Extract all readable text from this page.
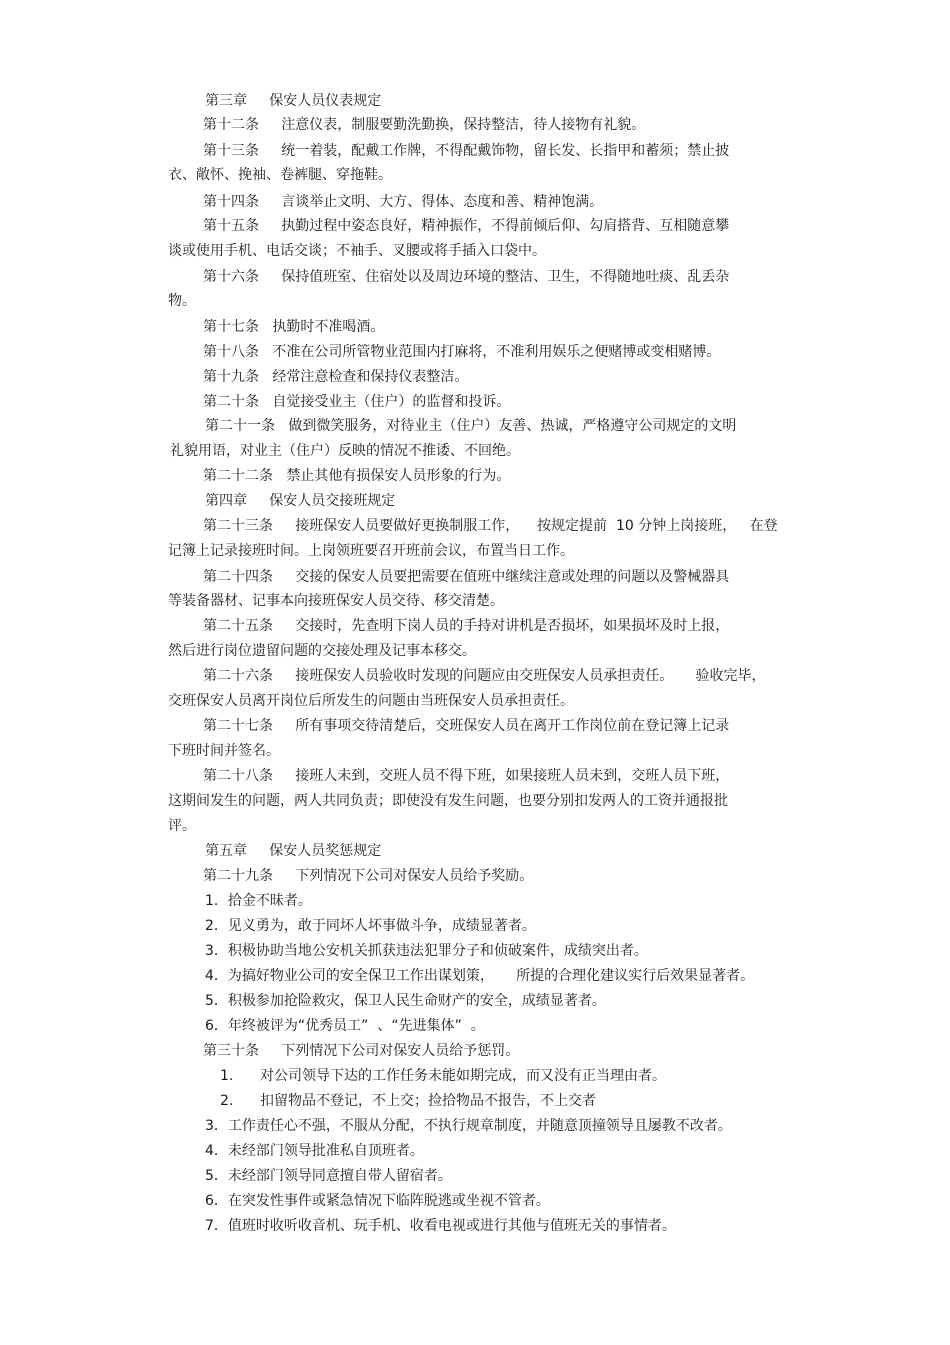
第三章     保安人员仪表规定
第十二条     注意仪表，制服要勤洗勤换，保持整洁，待人接物有礼貌。
第十三条     统一着装，配戴工作牌，不得配戴饰物，留长发、长指甲和蓄须；禁止披
衣、敞怀、挽袖、卷裤腿、穿拖鞋。
第十四条     言谈举止文明、大方、得体、态度和善、精神饱满。
第十五条     执勤过程中姿态良好，精神振作，不得前倾后仰、勾肩搭背、互相随意攀
谈或使用手机、电话交谈；不袖手、叉腰或将手插入口袋中。
第十六条     保持值班室、住宿处以及周边环境的整洁、卫生，不得随地吐痰、乱丢杂
物。
第十七条   执勤时不准喝酒。
第十八条   不准在公司所管物业范围内打麻将，不准利用娱乐之便赌博或变相赌博。
第十九条   经常注意检查和保持仪表整洁。
第二十条   自觉接受业主（住户）的监督和投诉。
第二十一条   做到微笑服务，对待业主（住户）友善、热诚，严格遵守公司规定的文明
礼貌用语，对业主（住户）反映的情况不推诿、不回绝。
第二十二条   禁止其他有损保安人员形象的行为。
第四章     保安人员交接班规定
第二十三条     接班保安人员要做好更换制服工作，    按规定提前  10 分钟上岗接班，   在登
记簿上记录接班时间。上岗领班要召开班前会议，布置当日工作。
第二十四条     交接的保安人员要把需要在值班中继续注意或处理的问题以及警械器具
等装备器材、记事本向接班保安人员交待、移交清楚。
第二十五条     交接时，先查明下岗人员的手持对讲机是否损坏，如果损坏及时上报，
然后进行岗位遗留问题的交接处理及记事本移交。
第二十六条     接班保安人员验收时发现的问题应由交班保安人员承担责任。     验收完毕，
交班保安人员离开岗位后所发生的问题由当班保安人员承担责任。
第二十七条     所有事项交待清楚后，交班保安人员在离开工作岗位前在登记簿上记录
下班时间并签名。
第二十八条     接班人未到，交班人员不得下班，如果接班人员未到，交班人员下班，
这期间发生的问题，两人共同负责；即使没有发生问题，也要分别扣发两人的工资并通报批
评。
第五章     保安人员奖惩规定
第二十九条     下列情况下公司对保安人员给予奖励。
1．拾金不昧者。
2．见义勇为，敢于同坏人坏事做斗争，成绩显著者。
3．积极协助当地公安机关抓获违法犯罪分子和侦破案件，成绩突出者。
4．为搞好物业公司的安全保卫工作出谋划策，     所提的合理化建议实行后效果显著者。
5．积极参加抢险救灾，保卫人民生命财产的安全，成绩显著者。
6．年终被评为“优秀员工”  、“先进集体”  。
第三十条     下列情况下公司对保安人员给予惩罚。
1.      对公司领导下达的工作任务未能如期完成，而又没有正当理由者。
2.      扣留物品不登记，不上交；捡拾物品不报告，不上交者
3．工作责任心不强，不服从分配，不执行规章制度，并随意顶撞领导且屡教不改者。
4．未经部门领导批准私自顶班者。
5．未经部门领导同意擅自带人留宿者。
6．在突发性事件或紧急情况下临阵脱逃或坐视不管者。
7．值班时收听收音机、玩手机、收看电视或进行其他与值班无关的事情者。
